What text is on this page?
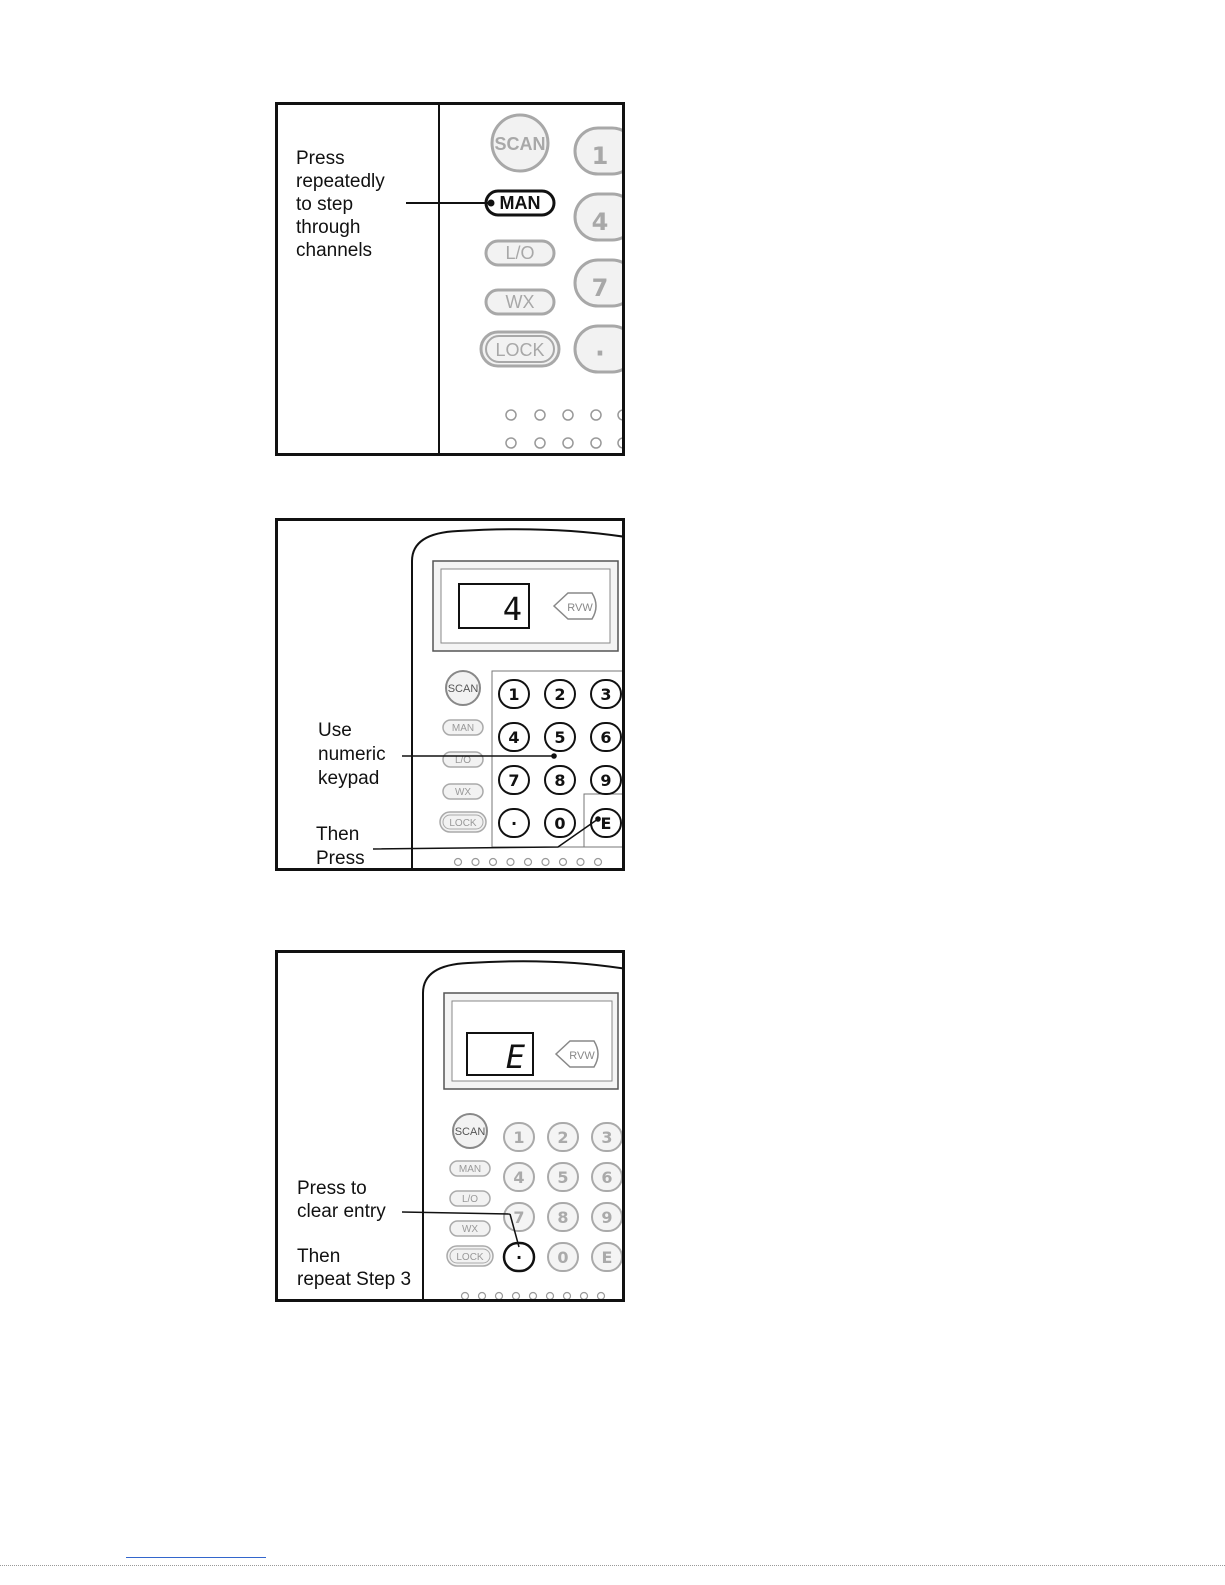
SCAN
MAN
L/O
WX
LOCK
1
4
7
·
Press
repeatedly
to step
through
channels
4	RVW
SCAN
MAN
L/O
WX
LOCK
1 2 3
4 5 6
7 8 9
· 0 E
Use
numeric
keypad
Then
Press
E	RVW
SCAN
MAN
L/O
WX
LOCK
1 2 3
4 5 6
7 8 9
· 0 E
Press to
clear entry
Then
repeat Step 3
